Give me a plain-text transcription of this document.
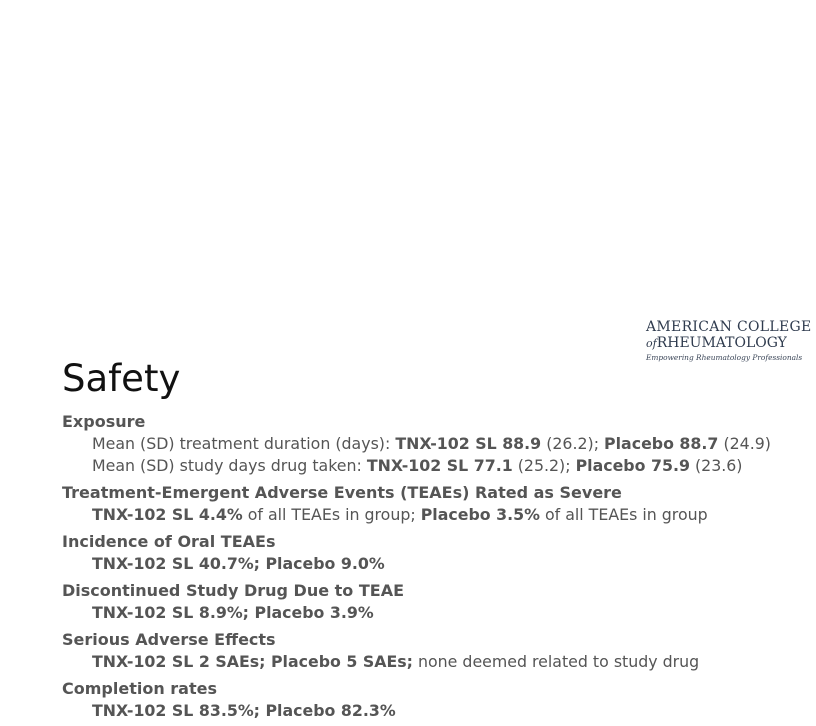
AMERICAN COLLEGE
ofRHEUMATOLOGY
Empowering Rheumatology Professionals
Safety
Exposure
Mean (SD) treatment duration (days): TNX-102 SL 88.9 (26.2); Placebo 88.7 (24.9)
Mean (SD) study days drug taken: TNX-102 SL 77.1 (25.2); Placebo 75.9 (23.6)
Treatment-Emergent Adverse Events (TEAEs) Rated as Severe
TNX-102 SL 4.4% of all TEAEs in group; Placebo 3.5% of all TEAEs in group
Incidence of Oral TEAEs
TNX-102 SL 40.7%; Placebo 9.0%
Discontinued Study Drug Due to TEAE
TNX-102 SL 8.9%; Placebo 3.9%
Serious Adverse Effects
TNX-102 SL 2 SAEs; Placebo 5 SAEs; none deemed related to study drug
Completion rates
TNX-102 SL 83.5%; Placebo 82.3%
